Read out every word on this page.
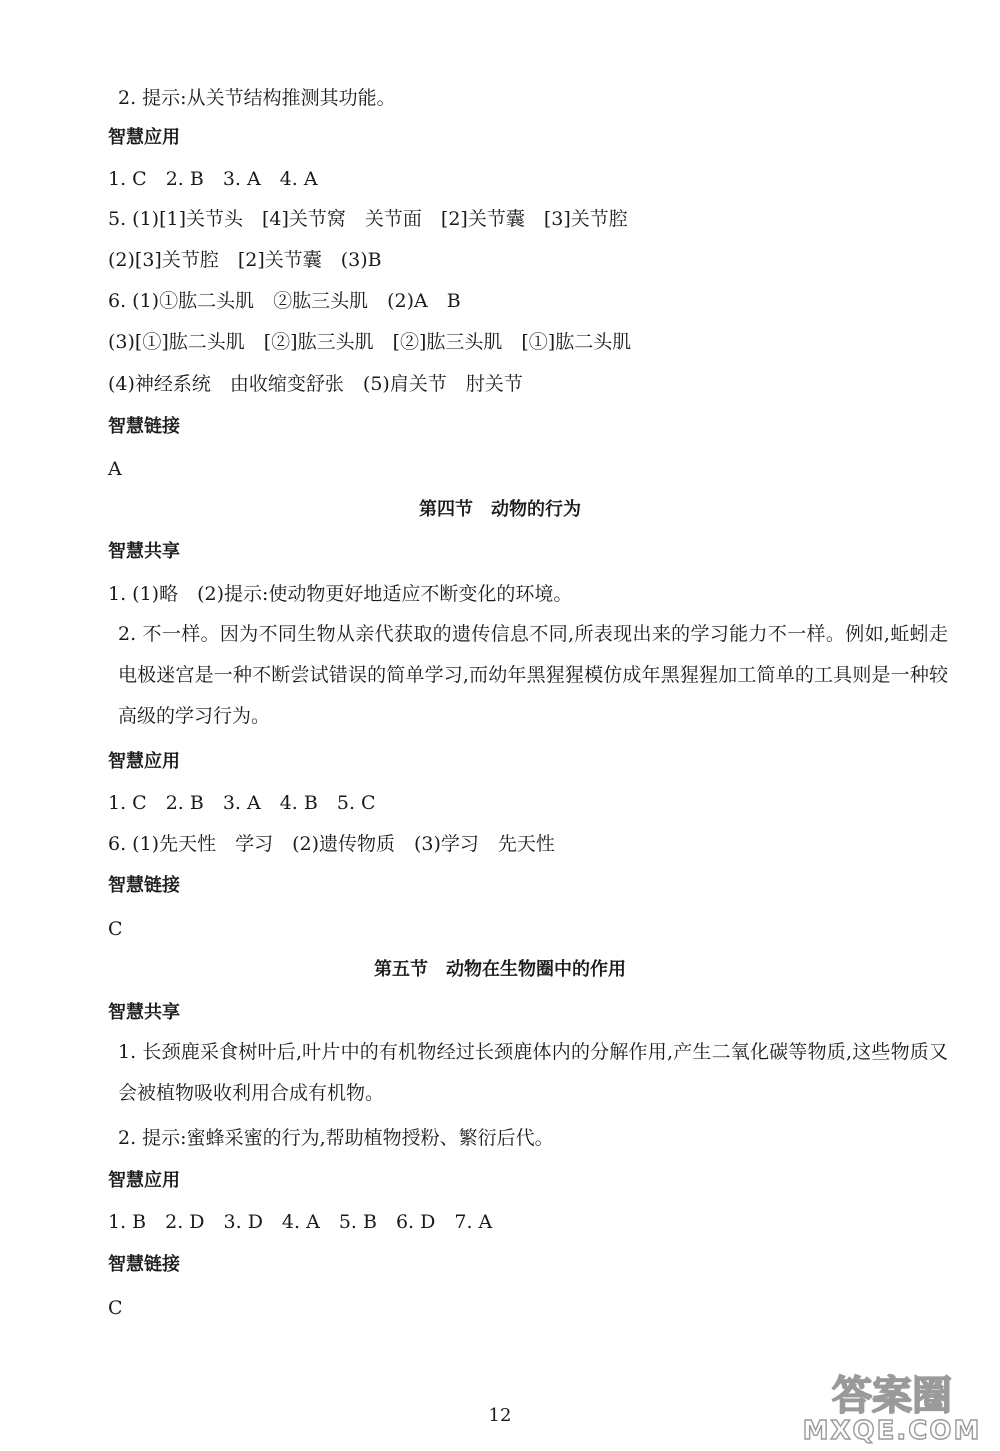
2. 提示:从关节结构推测其功能。
智慧应用
1. C　2. B　3. A　4. A
5. (1)[1]关节头　[4]关节窝　关节面　[2]关节囊　[3]关节腔
(2)[3]关节腔　[2]关节囊　(3)B
6. (1)①肱二头肌　②肱三头肌　(2)A　B
(3)[①]肱二头肌　[②]肱三头肌　[②]肱三头肌　[①]肱二头肌
(4)神经系统　由收缩变舒张　(5)肩关节　肘关节
智慧链接
A
第四节　动物的行为
智慧共享
1. (1)略　(2)提示:使动物更好地适应不断变化的环境。
2. 不一样。因为不同生物从亲代获取的遗传信息不同,所表现出来的学习能力不一样。例如,蚯蚓走电极迷宫是一种不断尝试错误的简单学习,而幼年黑猩猩模仿成年黑猩猩加工简单的工具则是一种较高级的学习行为。
智慧应用
1. C　2. B　3. A　4. B　5. C
6. (1)先天性　学习　(2)遗传物质　(3)学习　先天性
智慧链接
C
第五节　动物在生物圈中的作用
智慧共享
1. 长颈鹿采食树叶后,叶片中的有机物经过长颈鹿体内的分解作用,产生二氧化碳等物质,这些物质又会被植物吸收利用合成有机物。
2. 提示:蜜蜂采蜜的行为,帮助植物授粉、繁衍后代。
智慧应用
1. B　2. D　3. D　4. A　5. B　6. D　7. A
智慧链接
C
12	答案圈
MXQE.COM
